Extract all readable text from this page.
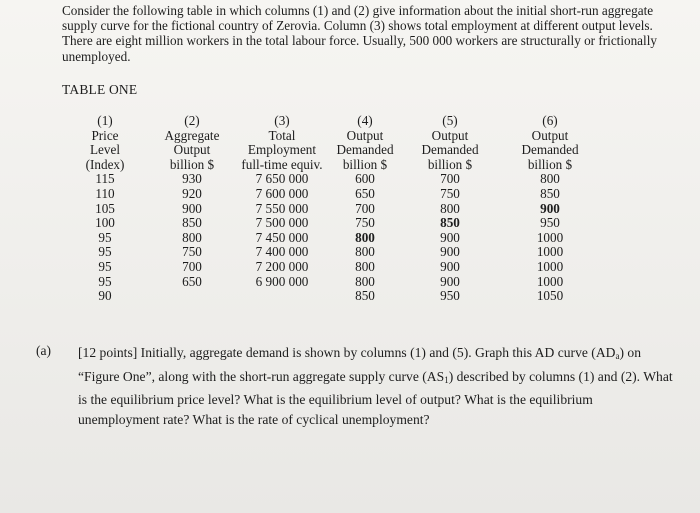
Consider the following table in which columns (1) and (2) give information about the initial short-run aggregate supply curve for the fictional country of Zerovia. Column (3) shows total employment at different output levels. There are eight million workers in the total labour force. Usually, 500 000 workers are structurally or frictionally unemployed.
TABLE ONE
(1)
Price
Level
(Index)
115
110
105
100
95
95
95
95
90
(2)
Aggregate
Output
billion $
930
920
900
850
800
750
700
650
(3)
Total
Employment
full-time equiv.
7 650 000
7 600 000
7 550 000
7 500 000
7 450 000
7 400 000
7 200 000
6 900 000
(4)
Output
Demanded
billion $
600
650
700
750
800
800
800
800
850
(5)
Output
Demanded
billion $
700
750
800
850
900
900
900
900
950
(6)
Output
Demanded
billion $
800
850
900
950
1000
1000
1000
1000
1050
(a) [12 points] Initially, aggregate demand is shown by columns (1) and (5). Graph this AD curve $(AD_a)$ on “Figure One”, along with the short-run aggregate supply curve $(AS_1)$ described by columns (1) and (2). What is the equilibrium price level? What is the equilibrium level of output? What is the equilibrium unemployment rate? What is the rate of cyclical unemployment?
